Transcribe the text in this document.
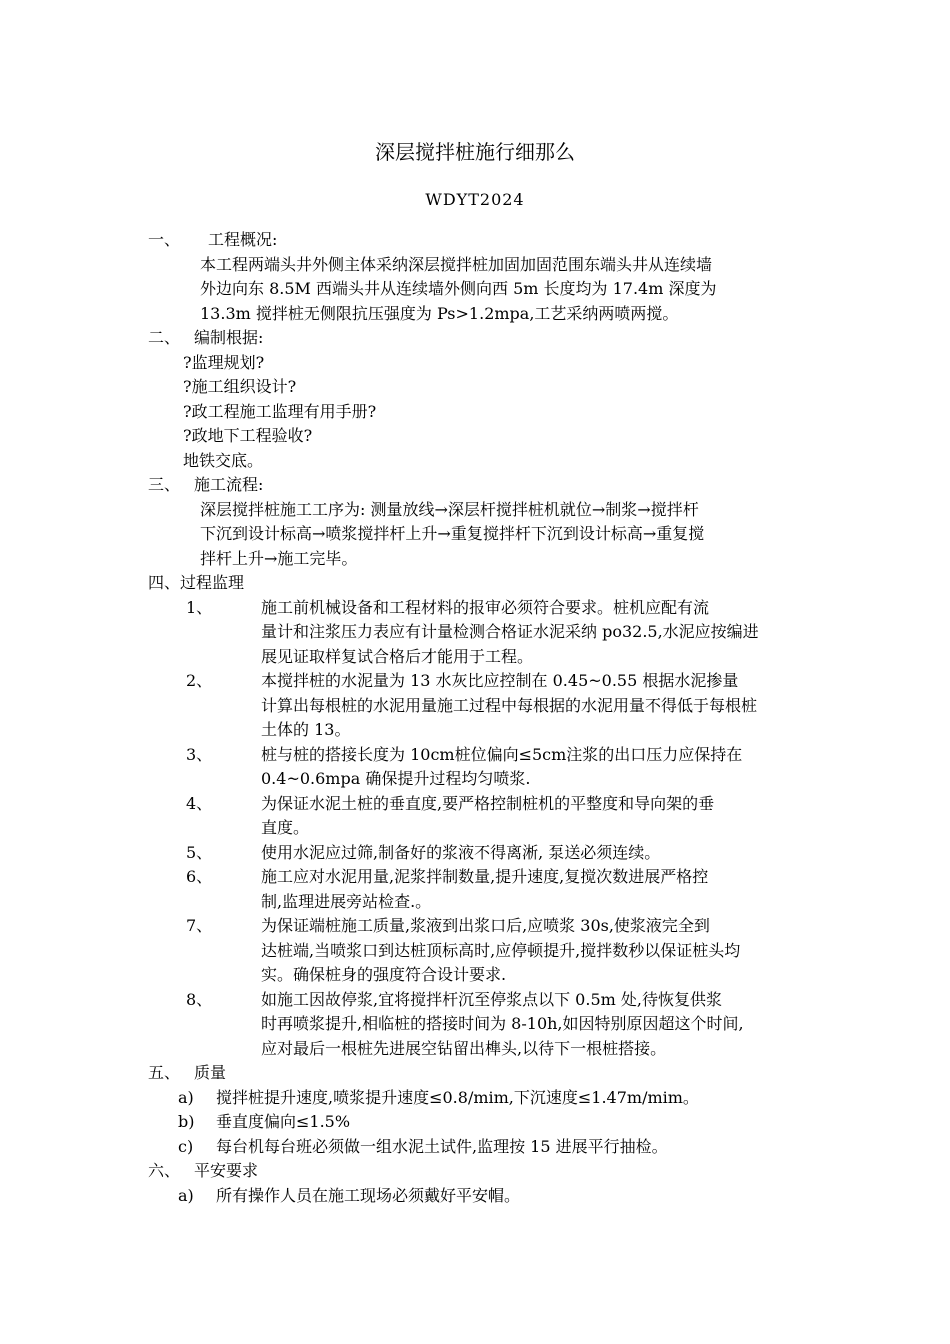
深层搅拌桩施行细那么
WDYT2024
一、	工程概况:
本工程两端头井外侧主体采纳深层搅拌桩加固加固范围东端头井从连续墙
外边向东 8.5M 西端头井从连续墙外侧向西 5m 长度均为 17.4m 深度为
13.3m 搅拌桩无侧限抗压强度为 Ps>1.2mpa,工艺采纳两喷两搅。
二、 编制根据:
?监理规划?
?施工组织设计?
?政工程施工监理有用手册?
?政地下工程验收?
地铁交底。
三、 施工流程:
深层搅拌桩施工工序为: 测量放线→深层杆搅拌桩机就位→制浆→搅拌杆
下沉到设计标高→喷浆搅拌杆上升→重复搅拌杆下沉到设计标高→重复搅
拌杆上升→施工完毕。
四、过程监理
1、	施工前机械设备和工程材料的报审必须符合要求。桩机应配有流
量计和注浆压力表应有计量检测合格证水泥采纳 po32.5,水泥应按编进
展见证取样复试合格后才能用于工程。
2、	本搅拌桩的水泥量为 13 水灰比应控制在 0.45~0.55 根据水泥掺量
计算出每根桩的水泥用量施工过程中每根据的水泥用量不得低于每根桩
土体的 13。
3、	桩与桩的搭接长度为 10cm桩位偏向≤5cm注浆的出口压力应保持在
0.4~0.6mpa 确保提升过程均匀喷浆.
4、	为保证水泥土桩的垂直度,要严格控制桩机的平整度和导向架的垂
直度。
5、	使用水泥应过筛,制备好的浆液不得离淅, 泵送必须连续。
6、	施工应对水泥用量,泥浆拌制数量,提升速度,复搅次数进展严格控
制,监理进展旁站检查.。
7、	为保证端桩施工质量,浆液到出浆口后,应喷浆 30s,使浆液完全到
达桩端,当喷浆口到达桩顶标高时,应停顿提升,搅拌数秒以保证桩头均
实。确保桩身的强度符合设计要求.
8、	如施工因故停浆,宜将搅拌杆沉至停浆点以下 0.5m 处,待恢复供浆
时再喷浆提升,相临桩的搭接时间为 8-10h,如因特别原因超这个时间,
应对最后一根桩先进展空钻留出榫头,以待下一根桩搭接。
五、 质量
a)	搅拌桩提升速度,喷浆提升速度≤0.8/mim,下沉速度≤1.47m/mim。
b)	垂直度偏向≤1.5%
c)	每台机每台班必须做一组水泥土试件,监理按 15 进展平行抽检。
六、 平安要求
a)	所有操作人员在施工现场必须戴好平安帽。
